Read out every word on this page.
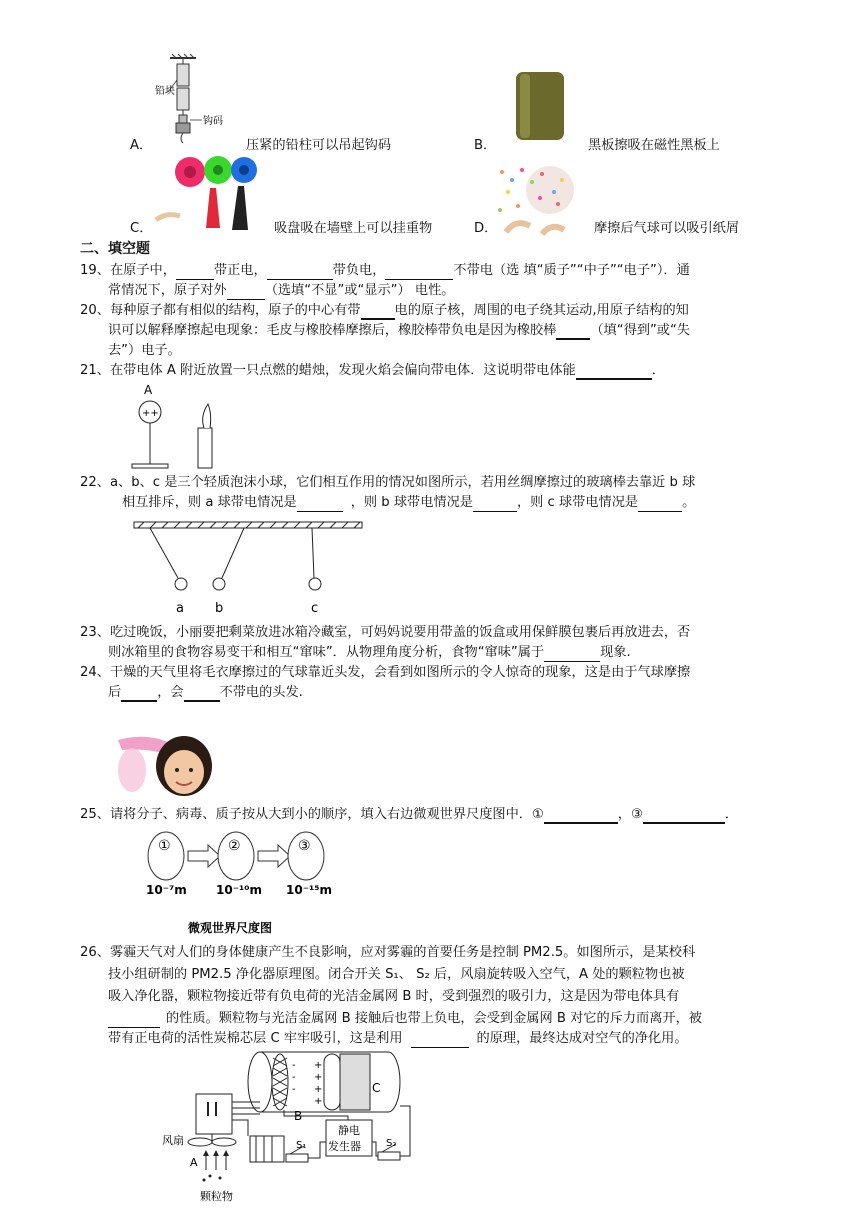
铅块
钩码
A．	压紧的铅柱可以吊起钩码	B．	黑板擦吸在磁性黑板上
C．	吸盘吸在墙壁上可以挂重物	D．	摩擦后气球可以吸引纸屑
二、填空题
19、在原子中，	带正电，	带负电，	不带电（选 填“质子”“中子”“电子”）．通
常情况下，原子对外	（选填“不显”或“显示”） 电性。
20、每种原子都有相似的结构，原子的中心有带	电的原子核，周围的电子绕其运动,用原子结构的知
识可以解释摩擦起电现象：毛皮与橡胶棒摩擦后，橡胶棒带负电是因为橡胶棒	（填“得到”或“失
去”）电子。
21、在带电体 A 附近放置一只点燃的蜡烛，发现火焰会偏向带电体．这说明带电体能	．
A
++
22、a、b、c 是三个轻质泡沫小球，它们相互作用的情况如图所示，若用丝绸摩擦过的玻璃棒去靠近 b 球
相互排斥，则 a 球带电情况是	，则 b 球带电情况是	，则 c 球带电情况是	。
a b	c
23、吃过晚饭，小丽要把剩菜放进冰箱冷藏室，可妈妈说要用带盖的饭盒或用保鲜膜包裹后再放进去，否
则冰箱里的食物容易变干和相互“窜味”．从物理角度分析，食物“窜味”属于	现象.
24、干燥的天气里将毛衣摩擦过的气球靠近头发，会看到如图所示的令人惊奇的现象，这是由于气球摩擦
后	，会	不带电的头发.
25、请将分子、病毒、质子按从大到小的顺序，填入右边微观世界尺度图中．①	，③	．
①	②	③
10⁻⁷m 10⁻¹⁰m 10⁻¹⁵m
微观世界尺度图
26、雾霾天气对人们的身体健康产生不良影响，应对雾霾的首要任务是控制 PM2.5。如图所示，是某校科
技小组研制的 PM2.5 净化器原理图。闭合开关 S₁、 S₂ 后，风扇旋转吸入空气，A 处的颗粒物也被
吸入净化器，颗粒物接近带有负电荷的光洁金属网 B 时，受到强烈的吸引力，这是因为带电体具有
的性质。颗粒物与光洁金属网 B 接触后也带上负电，会受到金属网 B 对它的斥力而离开，被
带有正电荷的活性炭棉芯层 C 牢牢吸引，这是利用	的原理，最终达成对空气的净化用。
+
+
+
+
-
-
-
B
C
风扇
A
颗粒物
S₁
静电
发生器	S₂
